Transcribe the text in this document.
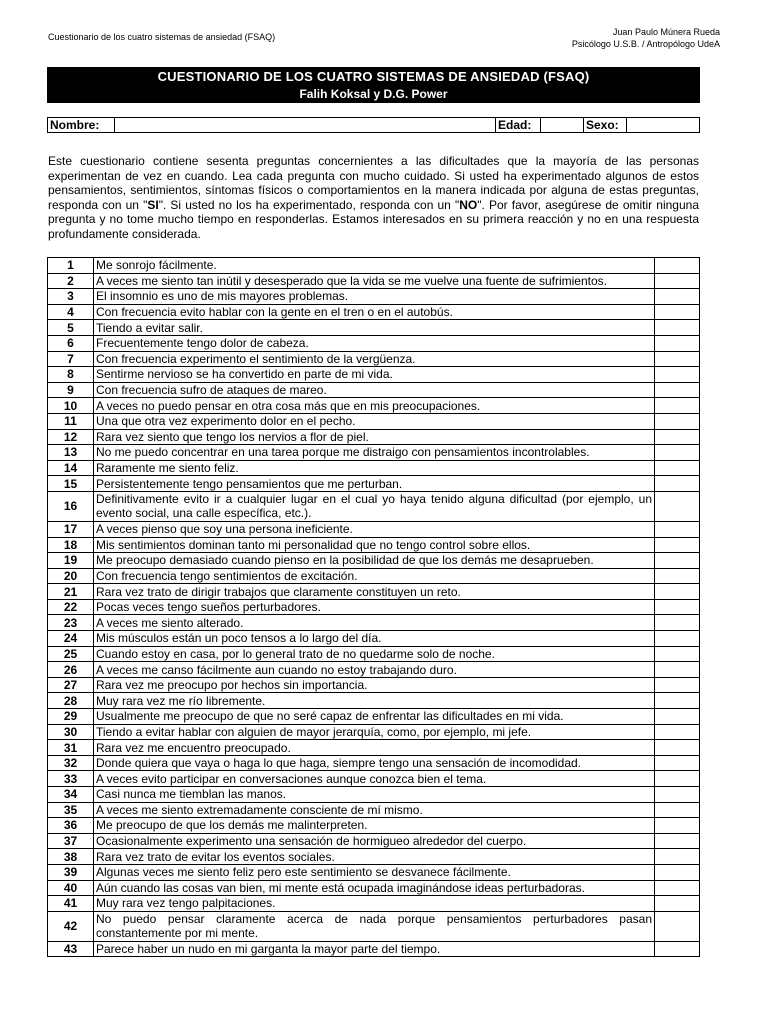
Cuestionario de los cuatro sistemas de ansiedad (FSAQ)	Juan Paulo Múnera Rueda
Psicólogo U.S.B. / Antropólogo UdeA
CUESTIONARIO DE LOS CUATRO SISTEMAS DE ANSIEDAD (FSAQ)
Falih Koksal y D.G. Power
Nombre:		Edad:		Sexo:	

Este cuestionario contiene sesenta preguntas concernientes a las dificultades que la mayoría de las personas experimentan de vez en cuando. Lea cada pregunta con mucho cuidado. Si usted ha experimentado algunos de estos pensamientos, sentimientos, síntomas físicos o comportamientos en la manera indicada por alguna de estas preguntas, responda con un "SI". Si usted no los ha experimentado, responda con un "NO". Por favor, asegúrese de omitir ninguna pregunta y no tome mucho tiempo en responderlas. Estamos interesados en su primera reacción y no en una respuesta profundamente considerada.

1	Me sonrojo fácilmente.	
2	A veces me siento tan inútil y desesperado que la vida se me vuelve una fuente de sufrimientos.	
3	El insomnio es uno de mis mayores problemas.	
4	Con frecuencia evito hablar con la gente en el tren o en el autobús.	
5	Tiendo a evitar salir.	
6	Frecuentemente tengo dolor de cabeza.	
7	Con frecuencia experimento el sentimiento de la vergüenza.	
8	Sentirme nervioso se ha convertido en parte de mi vida.	
9	Con frecuencia sufro de ataques de mareo.	
10	A veces no puedo pensar en otra cosa más que en mis preocupaciones.	
11	Una que otra vez experimento dolor en el pecho.	
12	Rara vez siento que tengo los nervios a flor de piel.	
13	No me puedo concentrar en una tarea porque me distraigo con pensamientos incontrolables.	
14	Raramente me siento feliz.	
15	Persistentemente tengo pensamientos que me perturban.	
16	Definitivamente evito ir a cualquier lugar en el cual yo haya tenido alguna dificultad (por ejemplo, un evento social, una calle específica, etc.).	
17	A veces pienso que soy una persona ineficiente.	
18	Mis sentimientos dominan tanto mi personalidad que no tengo control sobre ellos.	
19	Me preocupo demasiado cuando pienso en la posibilidad de que los demás me desaprueben.	
20	Con frecuencia tengo sentimientos de excitación.	
21	Rara vez trato de dirigir trabajos que claramente constituyen un reto.	
22	Pocas veces tengo sueños perturbadores.	
23	A veces me siento alterado.	
24	Mis músculos están un poco tensos a lo largo del día.	
25	Cuando estoy en casa, por lo general trato de no quedarme solo de noche.	
26	A veces me canso fácilmente aun cuando no estoy trabajando duro.	
27	Rara vez me preocupo por hechos sin importancia.	
28	Muy rara vez me río libremente.	
29	Usualmente me preocupo de que no seré capaz de enfrentar las dificultades en mi vida.	
30	Tiendo a evitar hablar con alguien de mayor jerarquía, como, por ejemplo, mi jefe.	
31	Rara vez me encuentro preocupado.	
32	Donde quiera que vaya o haga lo que haga, siempre tengo una sensación de incomodidad.	
33	A veces evito participar en conversaciones aunque conozca bien el tema.	
34	Casi nunca me tiemblan las manos.	
35	A veces me siento extremadamente consciente de mí mismo.	
36	Me preocupo de que los demás me malinterpreten.	
37	Ocasionalmente experimento una sensación de hormigueo alrededor del cuerpo.	
38	Rara vez trato de evitar los eventos sociales.	
39	Algunas veces me siento feliz pero este sentimiento se desvanece fácilmente.	
40	Aún cuando las cosas van bien, mi mente está ocupada imaginándose ideas perturbadoras.	
41	Muy rara vez tengo palpitaciones.	
42	No puedo pensar claramente acerca de nada porque pensamientos perturbadores pasan constantemente por mi mente.	
43	Parece haber un nudo en mi garganta la mayor parte del tiempo.	
